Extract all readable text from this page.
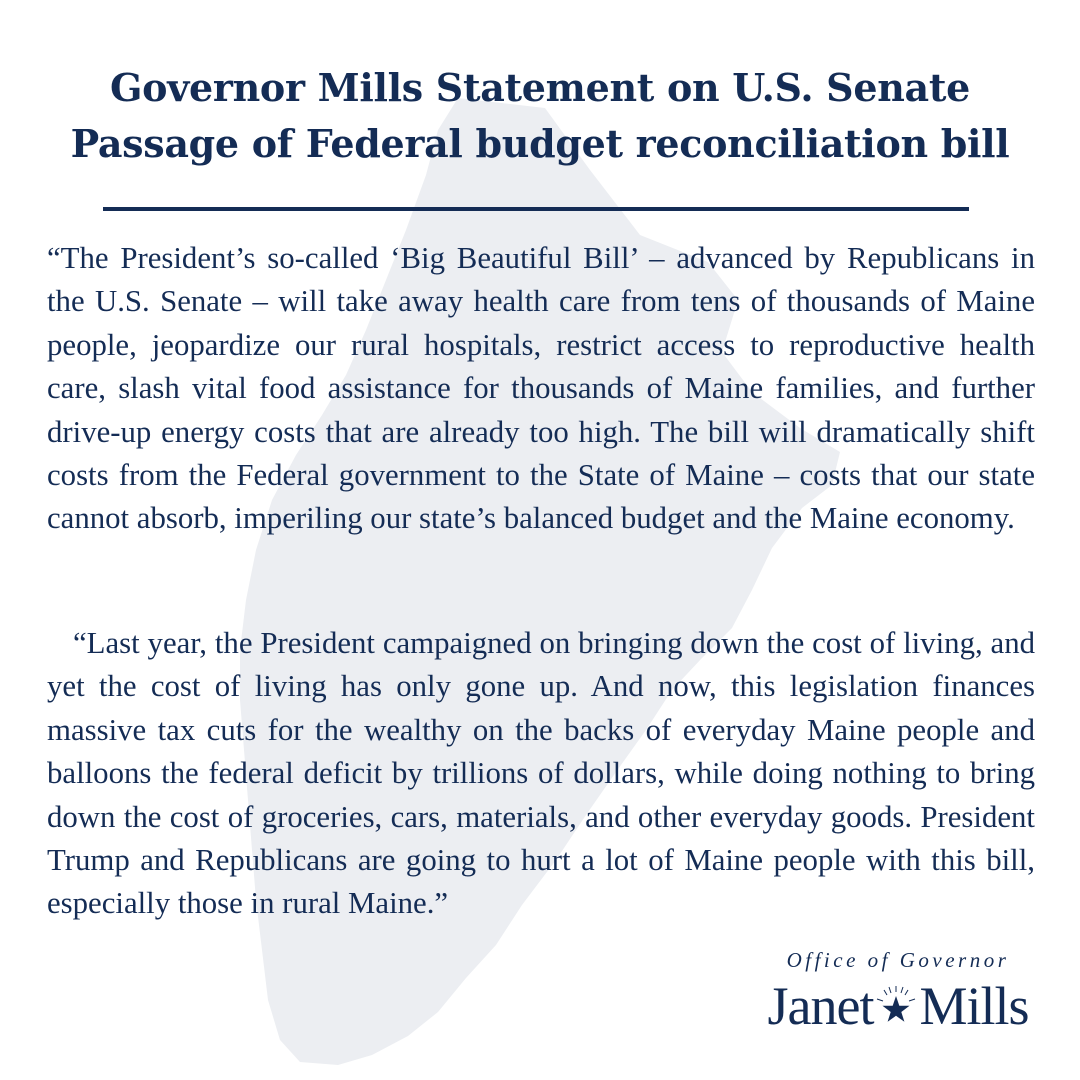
Governor Mills Statement on U.S. Senate
Passage of Federal budget reconciliation bill

“The President’s so-called ‘Big Beautiful Bill’ – advanced by Republicans in the U.S. Senate – will take away health care from tens of thousands of Maine people, jeopardize our rural hospitals, restrict access to reproductive health care, slash vital food assistance for thousands of Maine families, and further drive-up energy costs that are already too high. The bill will dramatically shift costs from the Federal government to the State of Maine – costs that our state cannot absorb, imperiling our state’s balanced budget and the Maine economy.

“Last year, the President campaigned on bringing down the cost of living, and yet the cost of living has only gone up. And now, this legislation finances massive tax cuts for the wealthy on the backs of everyday Maine people and balloons the federal deficit by trillions of dollars, while doing nothing to bring down the cost of groceries, cars, materials, and other everyday goods. President Trump and Republicans are going to hurt a lot of Maine people with this bill, especially those in rural Maine.”

Office of Governor
Janet Mills
